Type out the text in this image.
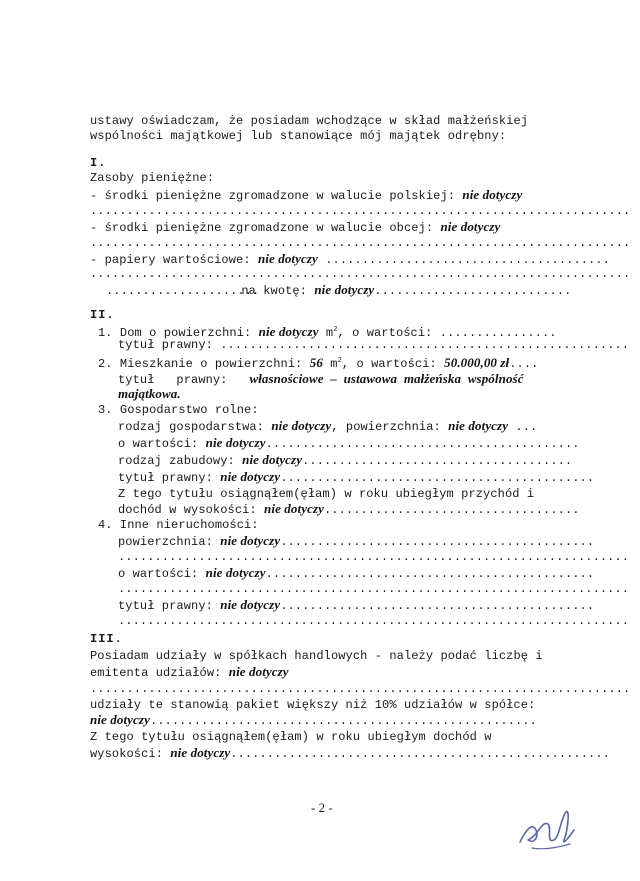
ustawy oświadczam, że posiadam wchodzące w skład małżeńskiej
wspólności majątkowej lub stanowiące mój majątek odrębny:
I.
Zasoby pieniężne:
- środki pieniężne zgromadzone w walucie polskiej: nie dotyczy
..........................................................................
- środki pieniężne zgromadzone w walucie obcej: nie dotyczy
..........................................................................
- papiery wartościowe: nie dotyczy .......................................
..........................................................................
..................... na kwotę: nie dotyczy...........................
II.
1. Dom o powierzchni: nie dotyczy $m^2$, o wartości: ................
tytuł prawny: ........................................................
2. Mieszkanie o powierzchni: 56 $m^2$, o wartości: 50.000,00 zł....
tytuł   prawny: własnościowe  –  ustawowa  małżeńska  wspólność
majątkowa.
3. Gospodarstwo rolne:
rodzaj gospodarstwa: nie dotyczy, powierzchnia: nie dotyczy ...
o wartości: nie dotyczy...........................................
rodzaj zabudowy: nie dotyczy.....................................
tytuł prawny: nie dotyczy...........................................
Z tego tytułu osiągnąłem(ęłam) w roku ubiegłym przychód i
dochód w wysokości: nie dotyczy...................................
4. Inne nieruchomości:
powierzchnia: nie dotyczy...........................................
......................................................................
o wartości: nie dotyczy.............................................
......................................................................
tytuł prawny: nie dotyczy...........................................
......................................................................
III.
Posiadam udziały w spółkach handlowych - należy podać liczbę i
emitenta udziałów: nie dotyczy
..........................................................................
udziały te stanowią pakiet większy niż 10% udziałów w spółce:
nie dotyczy.....................................................
Z tego tytułu osiągnąłem(ęłam) w roku ubiegłym dochód w
wysokości: nie dotyczy....................................................
- 2 -
